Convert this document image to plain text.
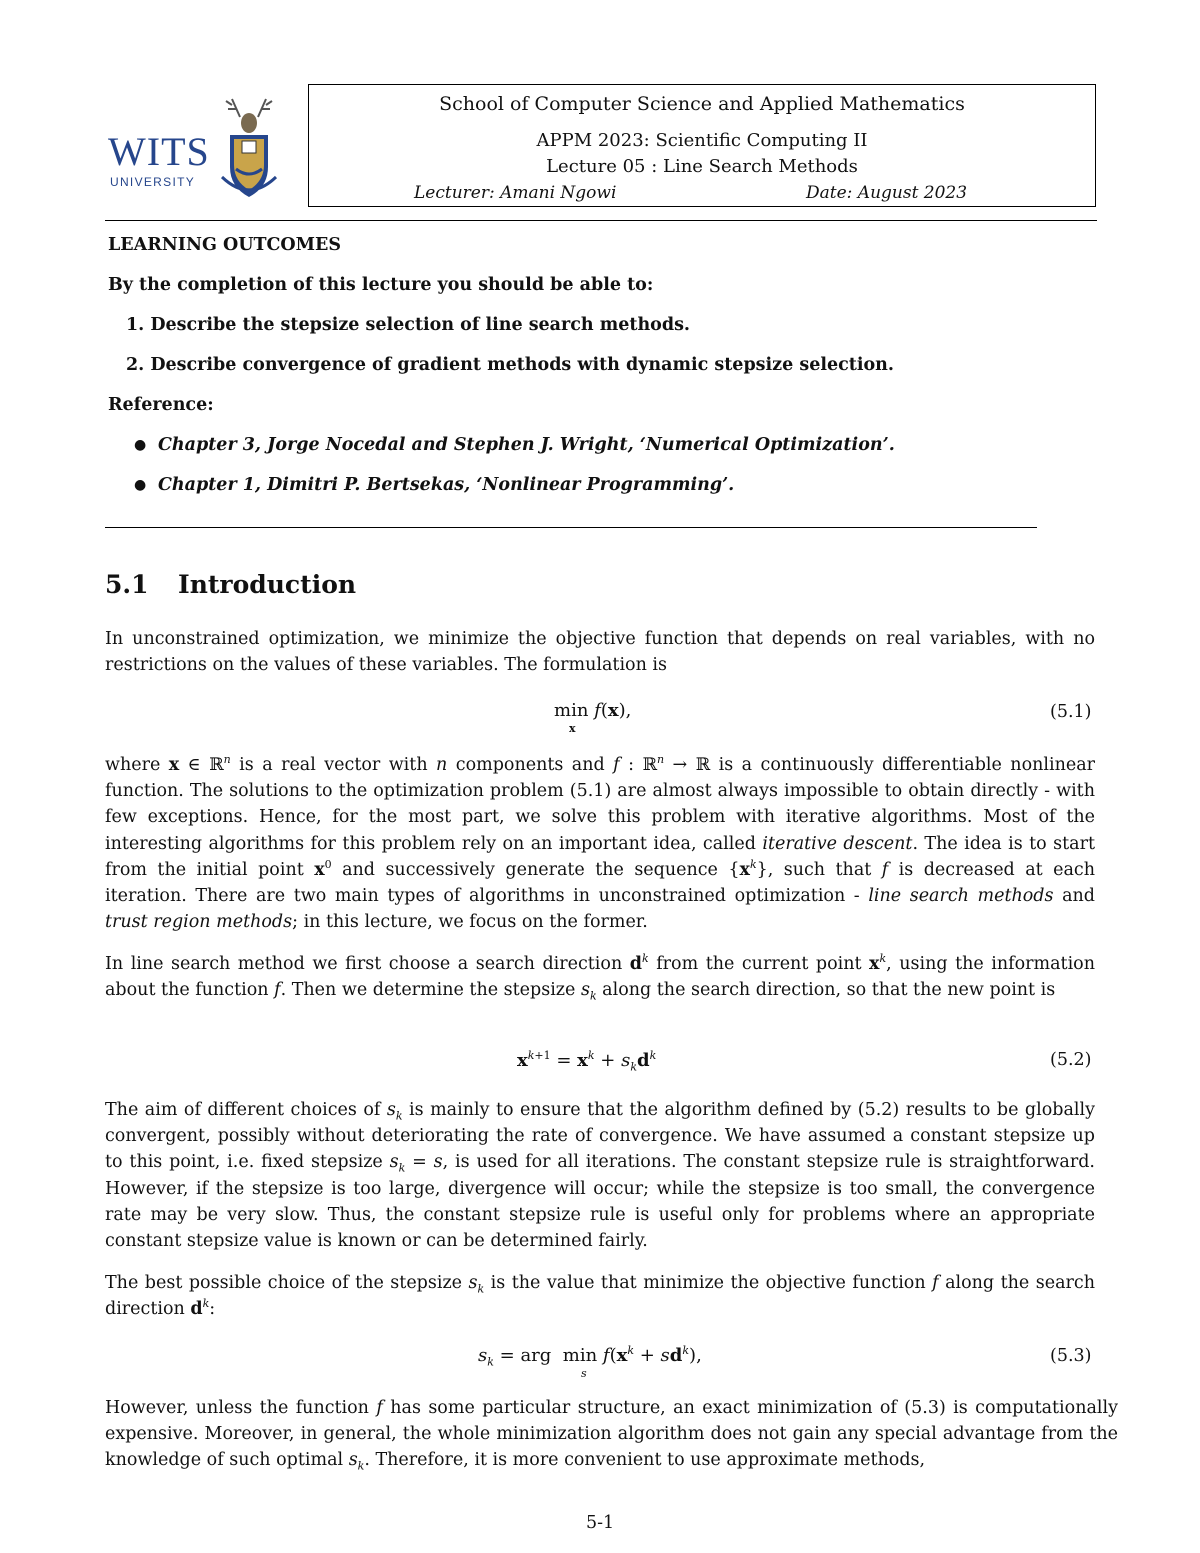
WITS
UNIVERSITY
School of Computer Science and Applied Mathematics
APPM 2023: Scientific Computing II
Lecture 05 : Line Search Methods
Lecturer: Amani Ngowi	Date: August 2023
LEARNING OUTCOMES
By the completion of this lecture you should be able to:
1. Describe the stepsize selection of line search methods.
2. Describe convergence of gradient methods with dynamic stepsize selection.
Reference:
● Chapter 3, Jorge Nocedal and Stephen J. Wright, ‘Numerical Optimization’.
● Chapter 1, Dimitri P. Bertsekas, ‘Nonlinear Programming’.
5.1 Introduction
In unconstrained optimization, we minimize the objective function that depends on real variables, with no restrictions on the values of these variables. The formulation is
min f(x),
x
(5.1)
where x ∈ ℝ$^n$ is a real vector with n components and f : ℝ$^n$ → ℝ is a continuously differentiable nonlinear function. The solutions to the optimization problem (5.1) are almost always impossible to obtain directly - with few exceptions. Hence, for the most part, we solve this problem with iterative algorithms. Most of the interesting algorithms for this problem rely on an important idea, called iterative descent. The idea is to start from the initial point $x^0$ and successively generate the sequence $\{x^k\}$, such that f is decreased at each iteration. There are two main types of algorithms in unconstrained optimization - line search methods and trust region methods; in this lecture, we focus on the former.
In line search method we first choose a search direction $d^k$ from the current point $x^k$, using the information about the function f. Then we determine the stepsize $s_k$ along the search direction, so that the new point is
$x^{k+1} = x^k + s_kd^k$	(5.2)
The aim of different choices of $s_k$ is mainly to ensure that the algorithm defined by (5.2) results to be globally convergent, possibly without deteriorating the rate of convergence. We have assumed a constant stepsize up to this point, i.e. fixed stepsize $s_k = s$, is used for all iterations. The constant stepsize rule is straightforward. However, if the stepsize is too large, divergence will occur; while the stepsize is too small, the convergence rate may be very slow. Thus, the constant stepsize rule is useful only for problems where an appropriate constant stepsize value is known or can be determined fairly.
The best possible choice of the stepsize $s_k$ is the value that minimize the objective function f along the search direction $d^k$:
$s_k$ = arg  $\min f(x^k + sd^k)$,
s
(5.3)
However, unless the function f has some particular structure, an exact minimization of (5.3) is computationally expensive. Moreover, in general, the whole minimization algorithm does not gain any special advantage from the knowledge of such optimal $s_k$. Therefore, it is more convenient to use approximate methods,
5-1
